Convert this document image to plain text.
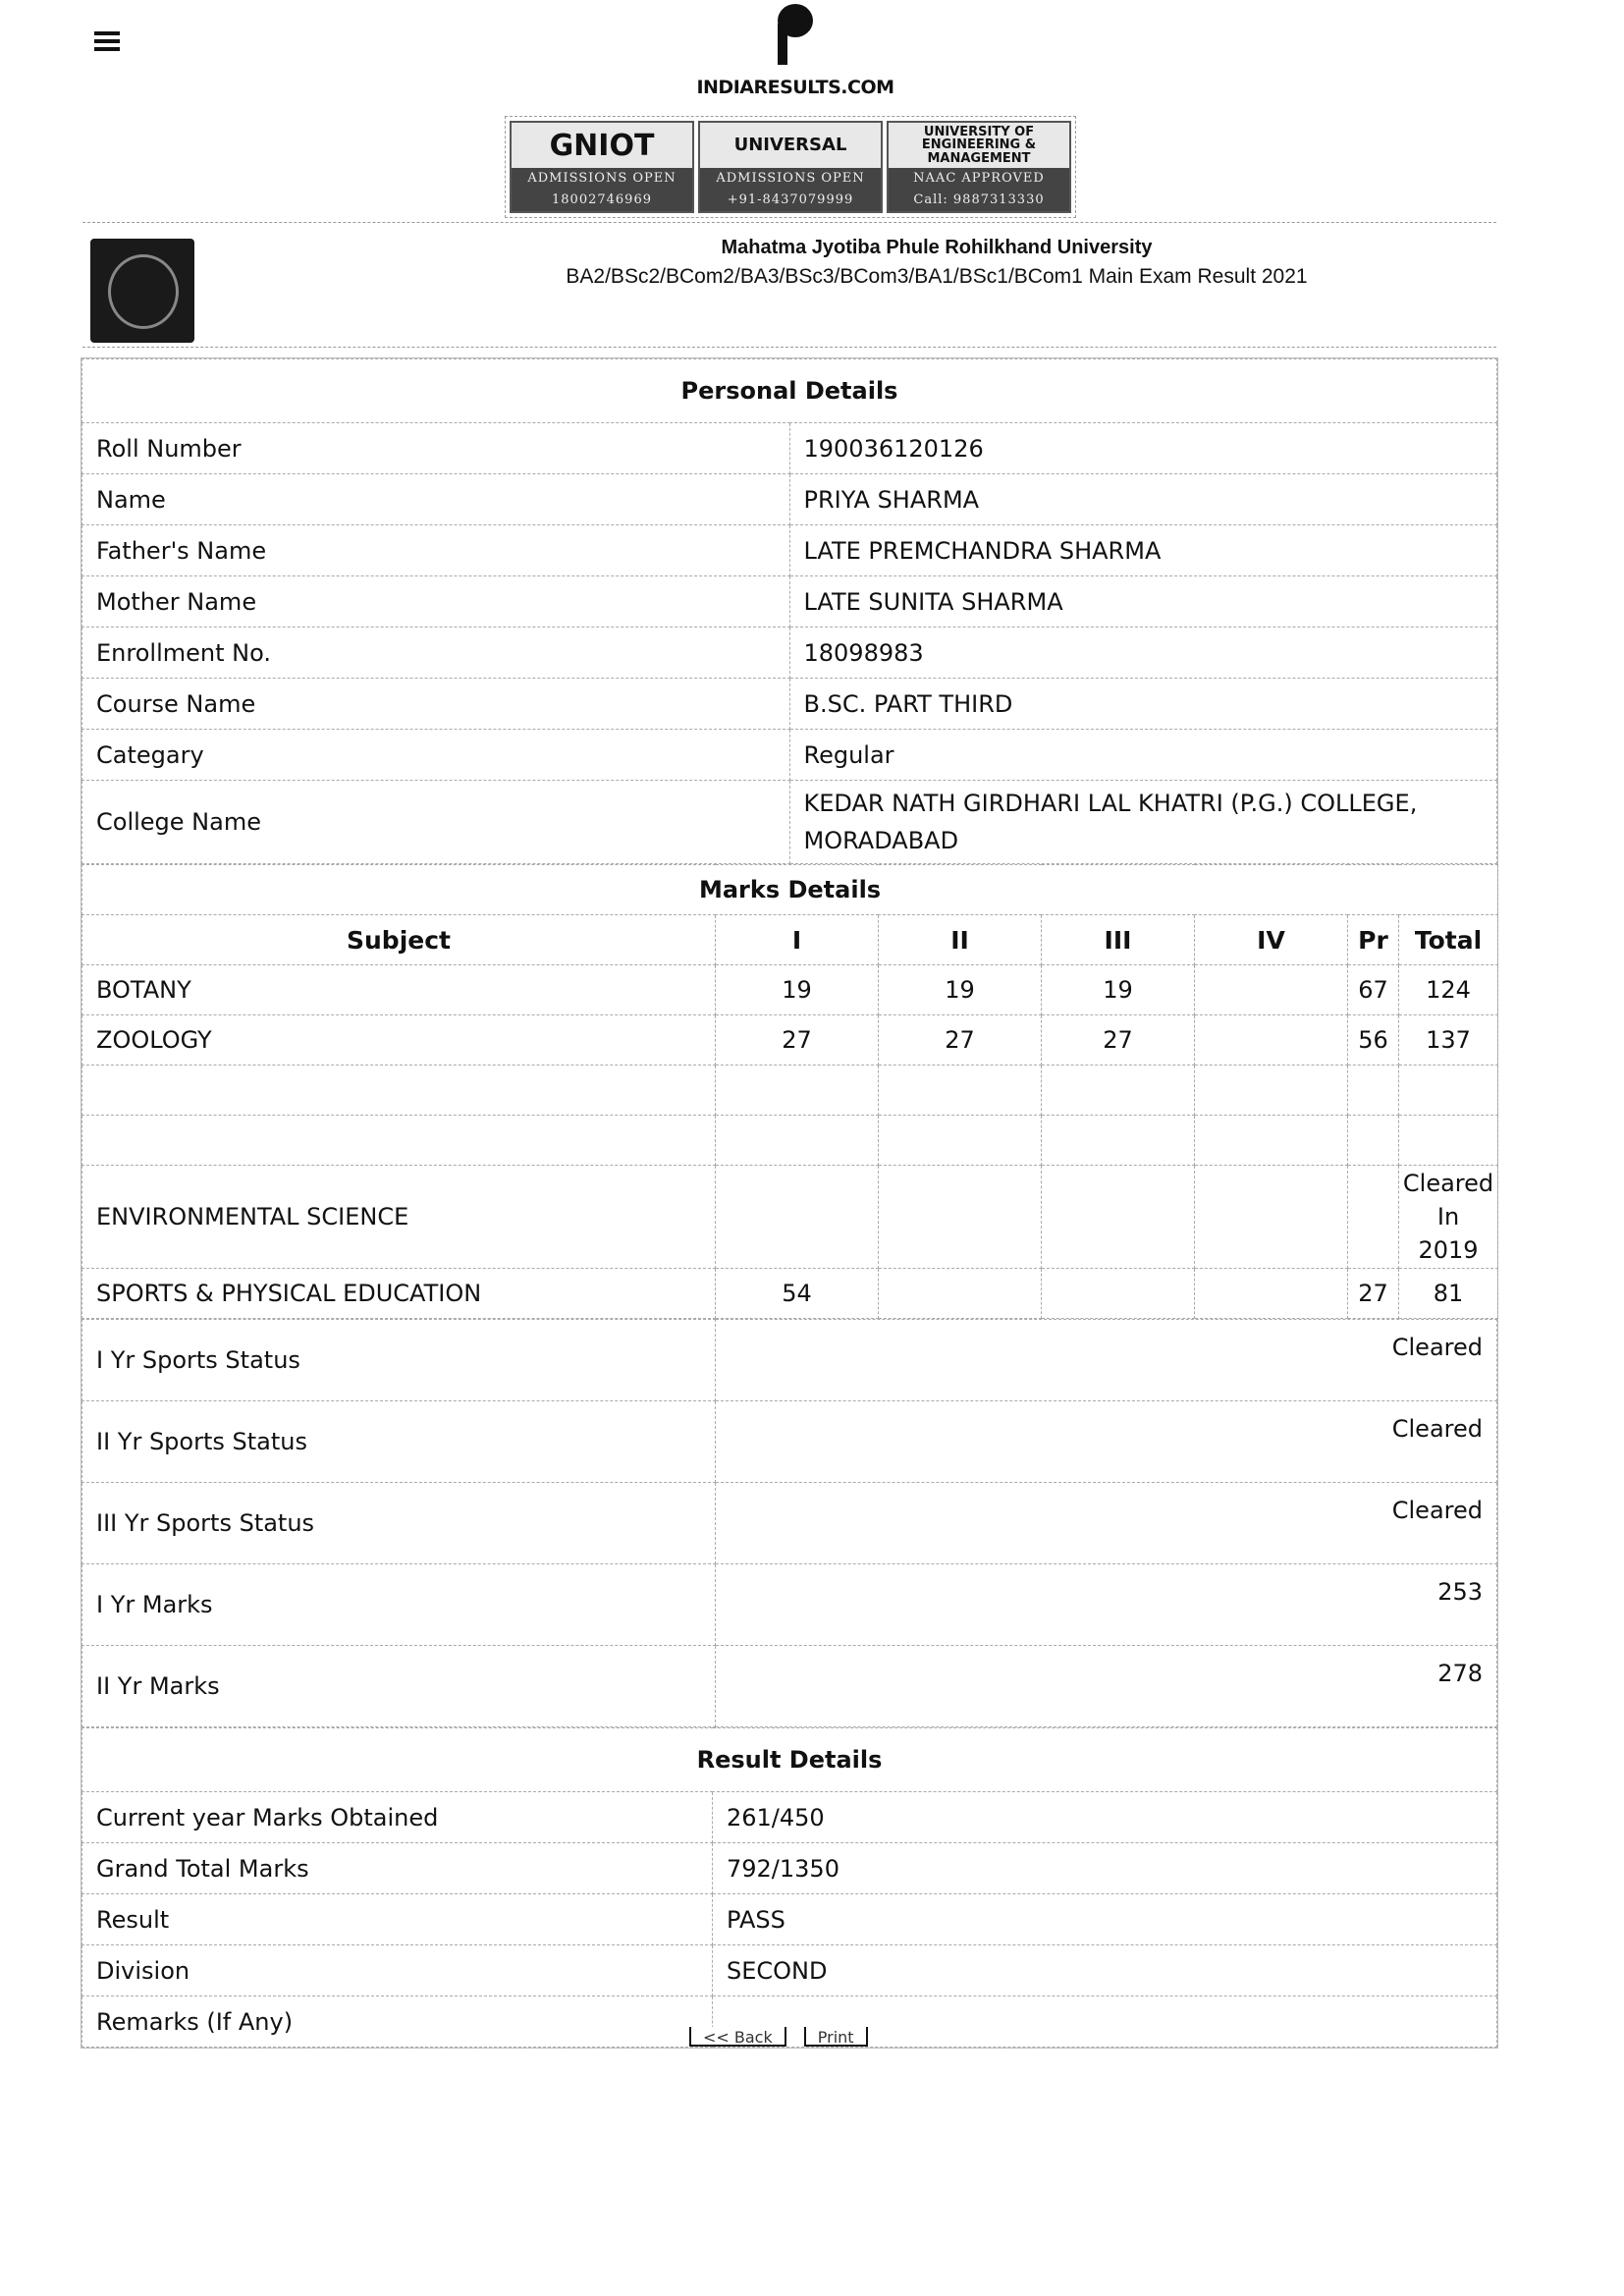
INDIARESULTS.COM
GNIOT
ADMISSIONS OPEN
18002746969
UNIVERSAL
ADMISSIONS OPEN
+91-8437079999
UNIVERSITY OF ENGINEERING & MANAGEMENT
NAAC APPROVED
Call: 9887313330
Mahatma Jyotiba Phule Rohilkhand University
BA2/BSc2/BCom2/BA3/BSc3/BCom3/BA1/BSc1/BCom1 Main Exam Result 2021
Personal Details	
Roll Number	190036120126
Name	PRIYA SHARMA
Father's Name	LATE PREMCHANDRA SHARMA
Mother Name	LATE SUNITA SHARMA
Enrollment No.	18098983
Course Name	B.SC. PART THIRD
Categary	Regular
College Name	KEDAR NATH GIRDHARI LAL KHATRI (P.G.) COLLEGE, MORADABAD
Marks Details						
Subject	I	II	III	IV	Pr	Total
BOTANY	19	19	19		67	124
ZOOLOGY	27	27	27		56	137

ENVIRONMENTAL SCIENCE						Cleared
In
2019

SPORTS & PHYSICAL EDUCATION	54				27	81
I Yr Sports Status	Cleared
II Yr Sports Status	Cleared
III Yr Sports Status	Cleared
I Yr Marks	253
II Yr Marks	278
Result Details	
Current year Marks Obtained	261/450
Grand Total Marks	792/1350
Result	PASS
Division	SECOND
Remarks (If Any)	
<< Back	Print
